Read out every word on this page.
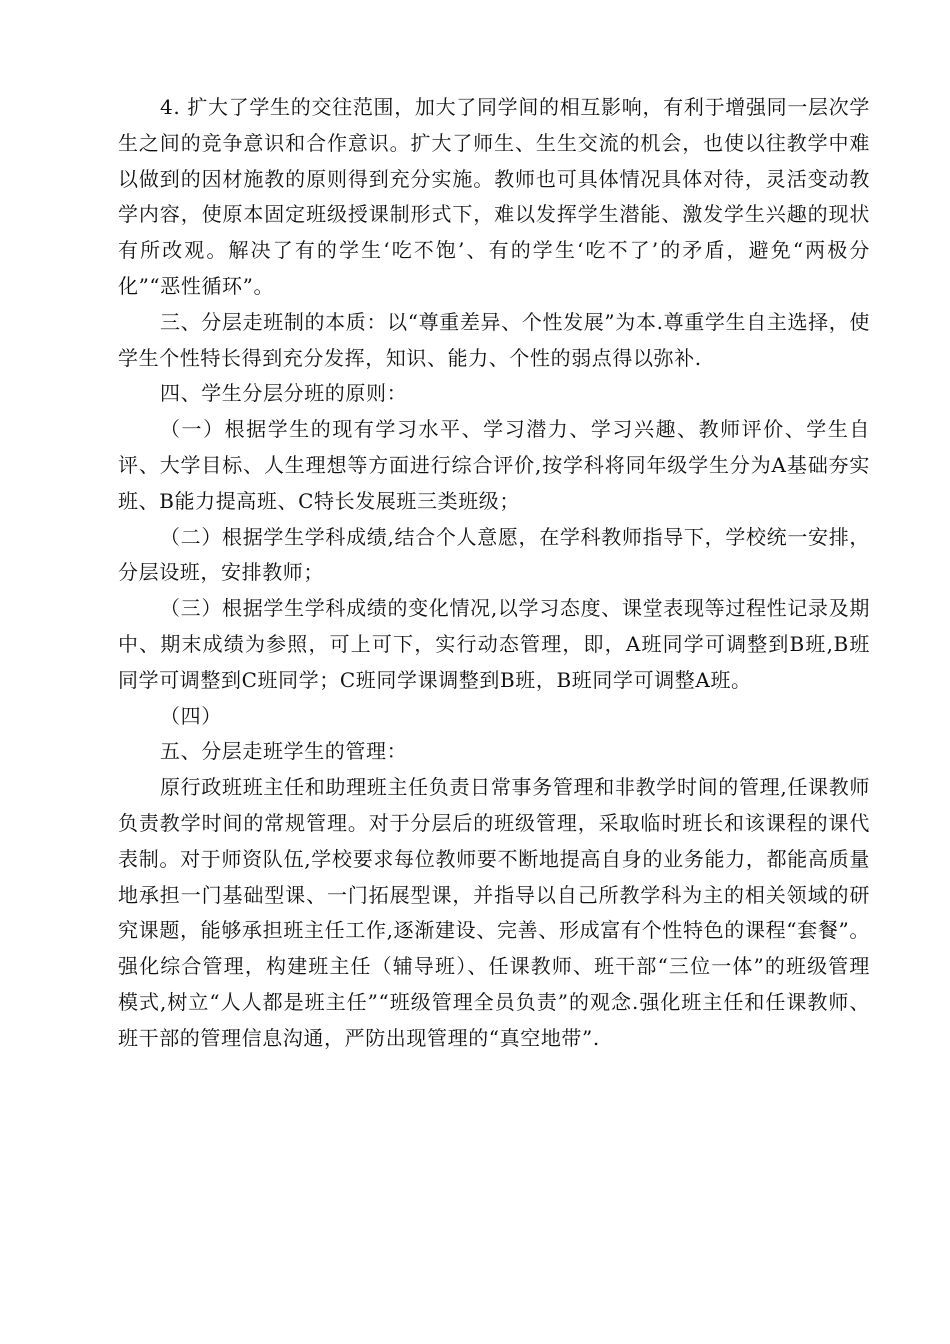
4. 扩大了学生的交往范围，加大了同学间的相互影响，有利于增强同一层次学生之间的竞争意识和合作意识。扩大了师生、生生交流的机会，也使以往教学中难以做到的因材施教的原则得到充分实施。教师也可具体情况具体对待，灵活变动教学内容，使原本固定班级授课制形式下，难以发挥学生潜能、激发学生兴趣的现状有所改观。解决了有的学生‘吃不饱’、有的学生‘吃不了’的矛盾，避免“两极分化”“恶性循环”。

三、分层走班制的本质：以“尊重差异、个性发展”为本.尊重学生自主选择，使学生个性特长得到充分发挥，知识、能力、个性的弱点得以弥补.

四、学生分层分班的原则：

（一）根据学生的现有学习水平、学习潜力、学习兴趣、教师评价、学生自评、大学目标、人生理想等方面进行综合评价,按学科将同年级学生分为A基础夯实班、B能力提高班、C特长发展班三类班级；

（二）根据学生学科成绩,结合个人意愿，在学科教师指导下，学校统一安排，分层设班，安排教师；

（三）根据学生学科成绩的变化情况,以学习态度、课堂表现等过程性记录及期中、期末成绩为参照，可上可下，实行动态管理，即，A班同学可调整到B班,B班同学可调整到C班同学；C班同学课调整到B班，B班同学可调整A班。

（四）

五、分层走班学生的管理：

原行政班班主任和助理班主任负责日常事务管理和非教学时间的管理,任课教师负责教学时间的常规管理。对于分层后的班级管理，采取临时班长和该课程的课代表制。对于师资队伍,学校要求每位教师要不断地提高自身的业务能力，都能高质量地承担一门基础型课、一门拓展型课，并指导以自己所教学科为主的相关领域的研究课题，能够承担班主任工作,逐渐建设、完善、形成富有个性特色的课程“套餐”。强化综合管理，构建班主任（辅导班）、任课教师、班干部“三位一体”的班级管理模式,树立“人人都是班主任”“班级管理全员负责”的观念.强化班主任和任课教师、班干部的管理信息沟通，严防出现管理的“真空地带”.
